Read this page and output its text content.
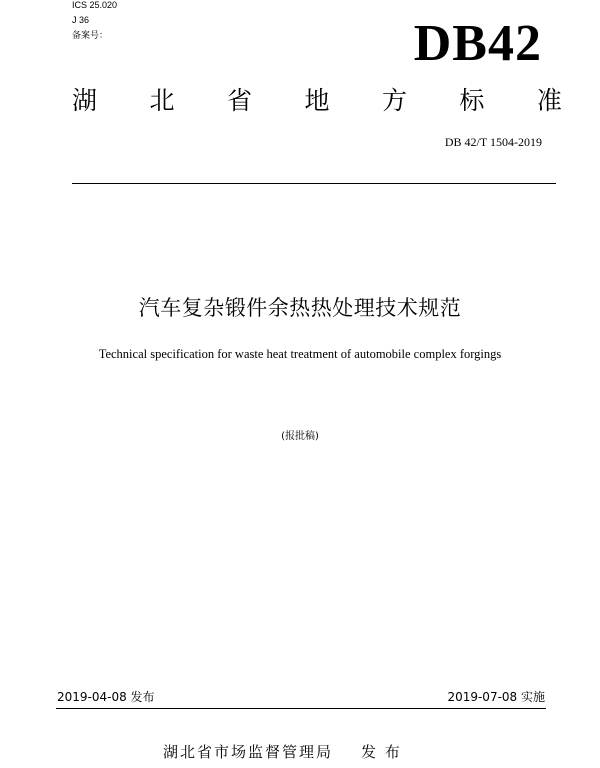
ICS 25.020
J 36
备案号：	DB42
湖 北 省 地 方 标 准
DB 42/T 1504-2019
汽车复杂锻件余热热处理技术规范
Technical specification for waste heat treatment of automobile complex forgings
(报批稿)
2019-04-08 发布	2019-07-08 实施
湖北省市场监督管理局 发 布
